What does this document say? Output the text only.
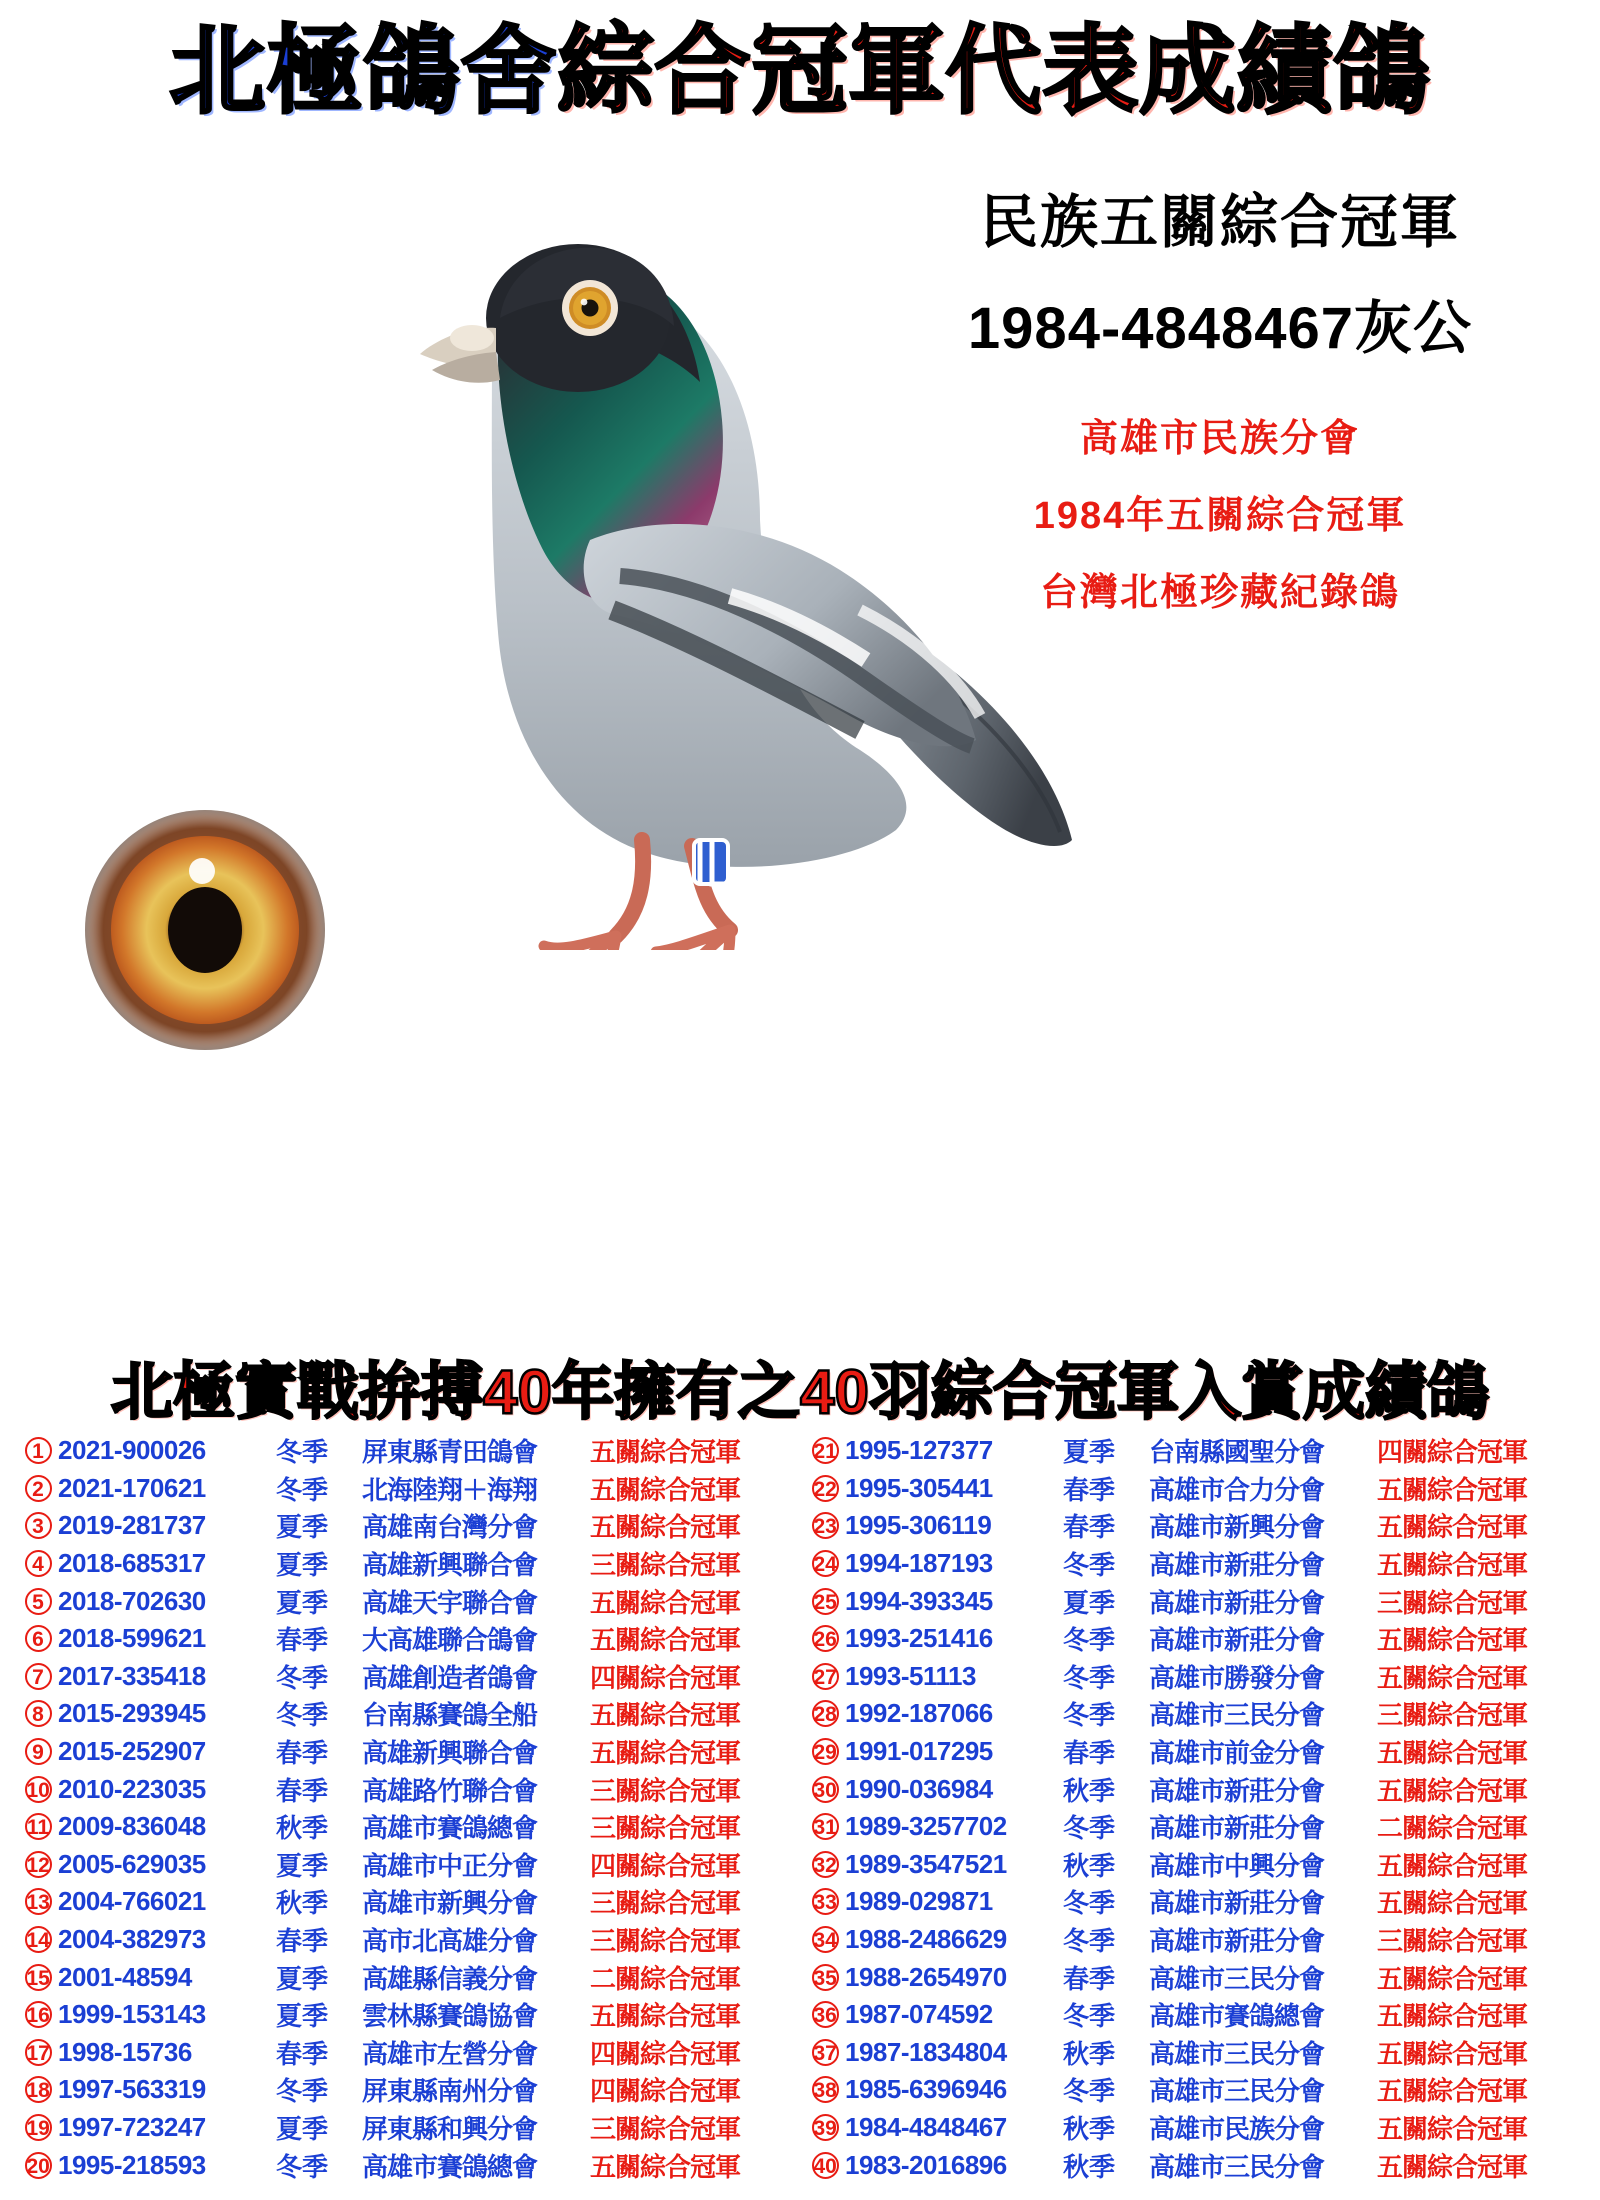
北極鴿舍綜合冠軍代表成績鴿
民族五關綜合冠軍
1984-4848467灰公
高雄市民族分會
1984年五關綜合冠軍
台灣北極珍藏紀錄鴿
北極實戰拚搏40年擁有之40羽綜合冠軍入賞成績鴿
1 2021-900026	冬季	屏東縣青田鴿會	五關綜合冠軍
2 2021-170621	冬季	北海陸翔＋海翔	五關綜合冠軍
3 2019-281737	夏季	高雄南台灣分會	五關綜合冠軍
4 2018-685317	夏季	高雄新興聯合會	三關綜合冠軍
5 2018-702630	夏季	高雄天宇聯合會	五關綜合冠軍
6 2018-599621	春季	大高雄聯合鴿會	五關綜合冠軍
7 2017-335418	冬季	高雄創造者鴿會	四關綜合冠軍
8 2015-293945	冬季	台南縣賽鴿全船	五關綜合冠軍
9 2015-252907	春季	高雄新興聯合會	五關綜合冠軍
10 2010-223035	春季	高雄路竹聯合會	三關綜合冠軍
11 2009-836048	秋季	高雄市賽鴿總會	三關綜合冠軍
12 2005-629035	夏季	高雄市中正分會	四關綜合冠軍
13 2004-766021	秋季	高雄市新興分會	三關綜合冠軍
14 2004-382973	春季	高市北高雄分會	三關綜合冠軍
15 2001-48594	夏季	高雄縣信義分會	二關綜合冠軍
16 1999-153143	夏季	雲林縣賽鴿協會	五關綜合冠軍
17 1998-15736	春季	高雄市左營分會	四關綜合冠軍
18 1997-563319	冬季	屏東縣南州分會	四關綜合冠軍
19 1997-723247	夏季	屏東縣和興分會	三關綜合冠軍
20 1995-218593	冬季	高雄市賽鴿總會	五關綜合冠軍
21 1995-127377	夏季	台南縣國聖分會	四關綜合冠軍
22 1995-305441	春季	高雄市合力分會	五關綜合冠軍
23 1995-306119	春季	高雄市新興分會	五關綜合冠軍
24 1994-187193	冬季	高雄市新莊分會	五關綜合冠軍
25 1994-393345	夏季	高雄市新莊分會	三關綜合冠軍
26 1993-251416	冬季	高雄市新莊分會	五關綜合冠軍
27 1993-51113	冬季	高雄市勝發分會	五關綜合冠軍
28 1992-187066	冬季	高雄市三民分會	三關綜合冠軍
29 1991-017295	春季	高雄市前金分會	五關綜合冠軍
30 1990-036984	秋季	高雄市新莊分會	五關綜合冠軍
31 1989-3257702	冬季	高雄市新莊分會	二關綜合冠軍
32 1989-3547521	秋季	高雄市中興分會	五關綜合冠軍
33 1989-029871	冬季	高雄市新莊分會	五關綜合冠軍
34 1988-2486629	冬季	高雄市新莊分會	三關綜合冠軍
35 1988-2654970	春季	高雄市三民分會	五關綜合冠軍
36 1987-074592	冬季	高雄市賽鴿總會	五關綜合冠軍
37 1987-1834804	秋季	高雄市三民分會	五關綜合冠軍
38 1985-6396946	冬季	高雄市三民分會	五關綜合冠軍
39 1984-4848467	秋季	高雄市民族分會	五關綜合冠軍
40 1983-2016896	秋季	高雄市三民分會	五關綜合冠軍
